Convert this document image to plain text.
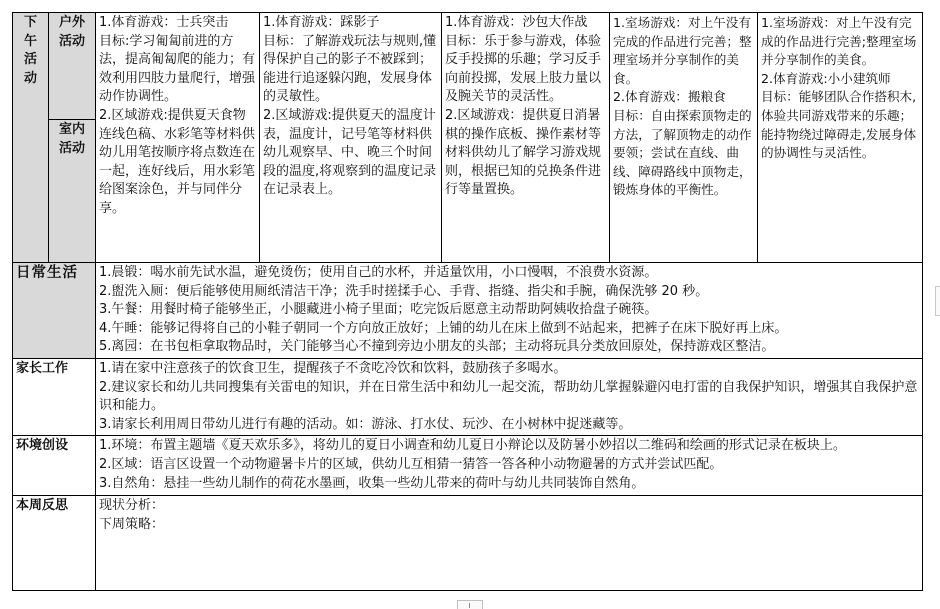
下
午
活
动	户外
活动	1.体育游戏：士兵突击
目标:学习匍匐前进的方法，提高匍匐爬的能力；有效利用四肢力量爬行，增强动作协调性。
2.区域游戏:提供夏天食物连线色稿、水彩笔等材料供幼儿用笔按顺序将点数连在一起，连好线后，用水彩笔给图案涂色，并与同伴分享。	1.体育游戏：踩影子
目标：了解游戏玩法与规则,懂得保护自己的影子不被踩到；能进行追逐躲闪跑，发展身体的灵敏性。
2.区域游戏:提供夏天的温度计表，温度计，记号笔等材料供幼儿观察早、中、晚三个时间段的温度,将观察到的温度记录在记录表上。	1.体育游戏：沙包大作战
目标：乐于参与游戏，体验反手投掷的乐趣；学习反手向前投掷，发展上肢力量以及腕关节的灵活性。
2.区域游戏：提供夏日消暑棋的操作底板、操作素材等材料供幼儿了解学习游戏规则，根据已知的兑换条件进行等量置换。	1.室场游戏：对上午没有完成的作品进行完善；整理室场并分享制作的美食。
2.体育游戏：搬粮食
目标：自由探索顶物走的方法，了解顶物走的动作要领；尝试在直线、曲线、障碍路线中顶物走，锻炼身体的平衡性。	1.室场游戏：对上午没有完成的作品进行完善;整理室场并分享制作的美食。
2.体育游戏:小小建筑师
目标：能够团队合作搭积木,体验共同游戏带来的乐趣；能持物绕过障碍走,发展身体的协调性与灵活性。

	室内
活动					

日常生活		1.晨锻：喝水前先试水温，避免烫伤；使用自己的水杯，并适量饮用，小口慢咽，不浪费水资源。
2.盥洗入厕：便后能够使用厕纸清洁干净；洗手时搓揉手心、手背、指缝、指尖和手腕，确保洗够 20 秒。
3.午餐：用餐时椅子能够坐正，小腿藏进小椅子里面；吃完饭后愿意主动帮助阿姨收拾盘子碗筷。
4.午睡：能够记得将自己的小鞋子朝同一个方向放正放好；上铺的幼儿在床上做到不站起来，把裤子在床下脱好再上床。
5.离园：在书包柜拿取物品时，关门能够当心不撞到旁边小朋友的头部；主动将玩具分类放回原处，保持游戏区整洁。				

家长工作		1.请在家中注意孩子的饮食卫生，提醒孩子不贪吃冷饮和饮料，鼓励孩子多喝水。
2.建议家长和幼儿共同搜集有关雷电的知识，并在日常生活中和幼儿一起交流，帮助幼儿掌握躲避闪电打雷的自我保护知识，增强其自我保护意识和能力。
3.请家长利用周日带幼儿进行有趣的活动。如：游泳、打水仗、玩沙、在小树林中捉迷藏等。				

环境创设		1.环境：布置主题墙《夏天欢乐多》，将幼儿的夏日小调查和幼儿夏日小辩论以及防暑小妙招以二维码和绘画的形式记录在板块上。
2.区域：语言区设置一个动物避暑卡片的区域，供幼儿互相猜一猜答一答各种小动物避暑的方式并尝试匹配。
3.自然角：悬挂一些幼儿制作的荷花水墨画，收集一些幼儿带来的荷叶与幼儿共同装饰自然角。				

本周反思		现状分析：
下周策略：				
